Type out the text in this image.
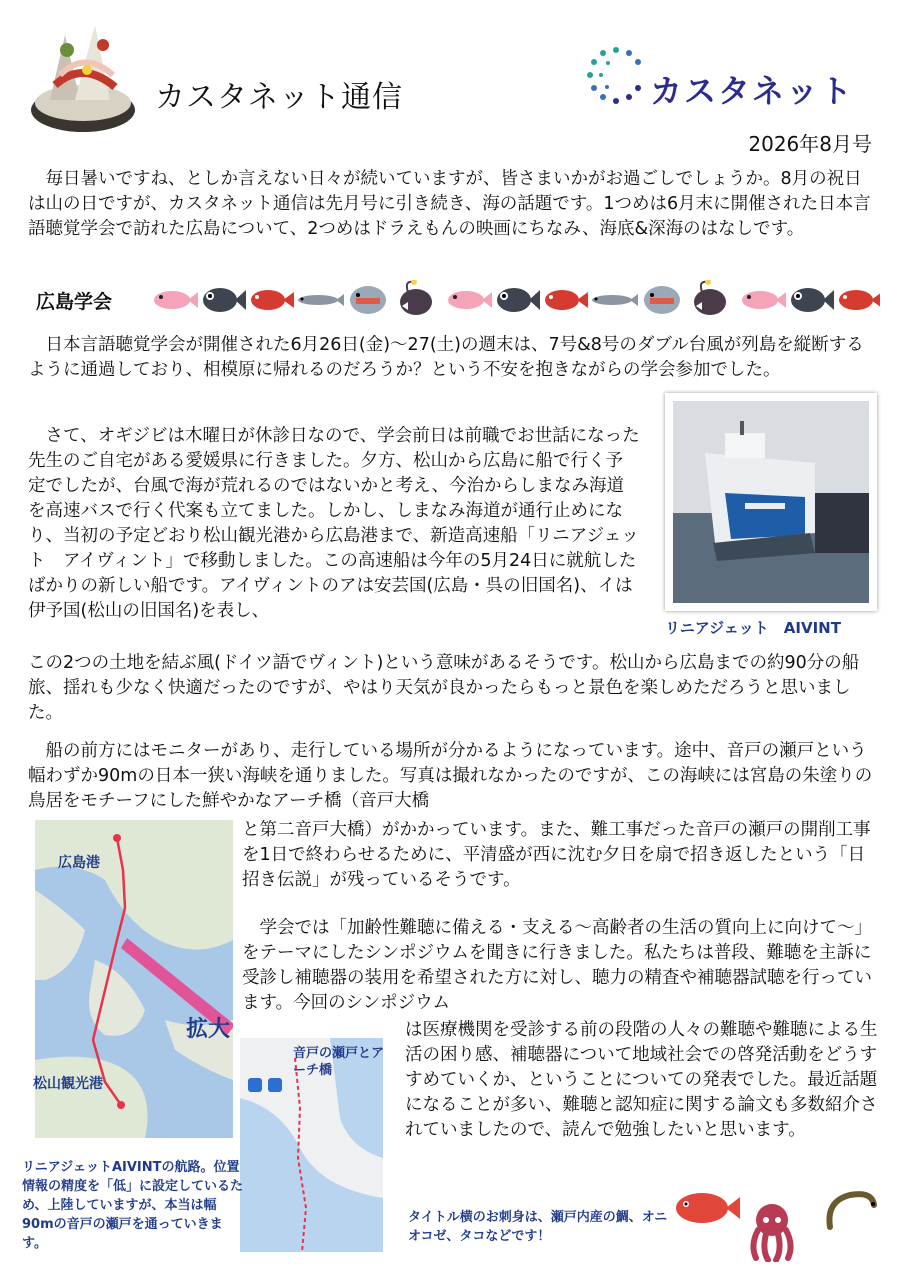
カスタネット通信	カスタネット
2026年8月号
　毎日暑いですね、としか言えない日々が続いていますが、皆さまいかがお過ごしでしょうか。8月の祝日は山の日ですが、カスタネット通信は先月号に引き続き、海の話題です。1つめは6月末に開催された日本言語聴覚学会で訪れた広島について、2つめはドラえもんの映画にちなみ、海底&深海のはなしです。
広島学会
　日本言語聴覚学会が開催された6月26日(金)～27(土)の週末は、7号&8号のダブル台風が列島を縦断するように通過しており、相模原に帰れるのだろうか？という不安を抱きながらの学会参加でした。
　さて、オギジビは木曜日が休診日なので、学会前日は前職でお世話になった先生のご自宅がある愛媛県に行きました。夕方、松山から広島に船で行く予定でしたが、台風で海が荒れるのではないかと考え、今治からしまなみ海道を高速バスで行く代案も立てました。しかし、しまなみ海道が通行止めになり、当初の予定どおり松山観光港から広島港まで、新造高速船「リニアジェット　アイヴィント」で移動しました。この高速船は今年の5月24日に就航したばかりの新しい船です。アイヴィントのアは安芸国(広島・呉の旧国名)、イは伊予国(松山の旧国名)を表し、
リニアジェット　AIVINT
この2つの土地を結ぶ風(ドイツ語でヴィント)という意味があるそうです。松山から広島までの約90分の船旅、揺れも少なく快適だったのですが、やはり天気が良かったらもっと景色を楽しめただろうと思いました。
　船の前方にはモニターがあり、走行している場所が分かるようになっています。途中、音戸の瀬戸という幅わずか90mの日本一狭い海峡を通りました。写真は撮れなかったのですが、この海峡には宮島の朱塗りの鳥居をモチーフにした鮮やかなアーチ橋（音戸大橋
広島港
松山観光港
拡大
音戸の瀬戸とアーチ橋
と第二音戸大橋）がかかっています。また、難工事だった音戸の瀬戸の開削工事を1日で終わらせるために、平清盛が西に沈む夕日を扇で招き返したという「日招き伝説」が残っているそうです。
　学会では「加齢性難聴に備える・支える～高齢者の生活の質向上に向けて～」をテーマにしたシンポジウムを聞きに行きました。私たちは普段、難聴を主訴に受診し補聴器の装用を希望された方に対し、聴力の精査や補聴器試聴を行っています。今回のシンポジウム
は医療機関を受診する前の段階の人々の難聴や難聴による生活の困り感、補聴器について地域社会での啓発活動をどうすすめていくか、ということについての発表でした。最近話題になることが多い、難聴と認知症に関する論文も多数紹介されていましたので、読んで勉強したいと思います。
リニアジェットAIVINTの航路。位置情報の精度を「低」に設定しているため、上陸していますが、本当は幅90mの音戸の瀬戸を通っていきます。
タイトル横のお刺身は、瀬戸内産の鯛、オニオコゼ、タコなどです！
